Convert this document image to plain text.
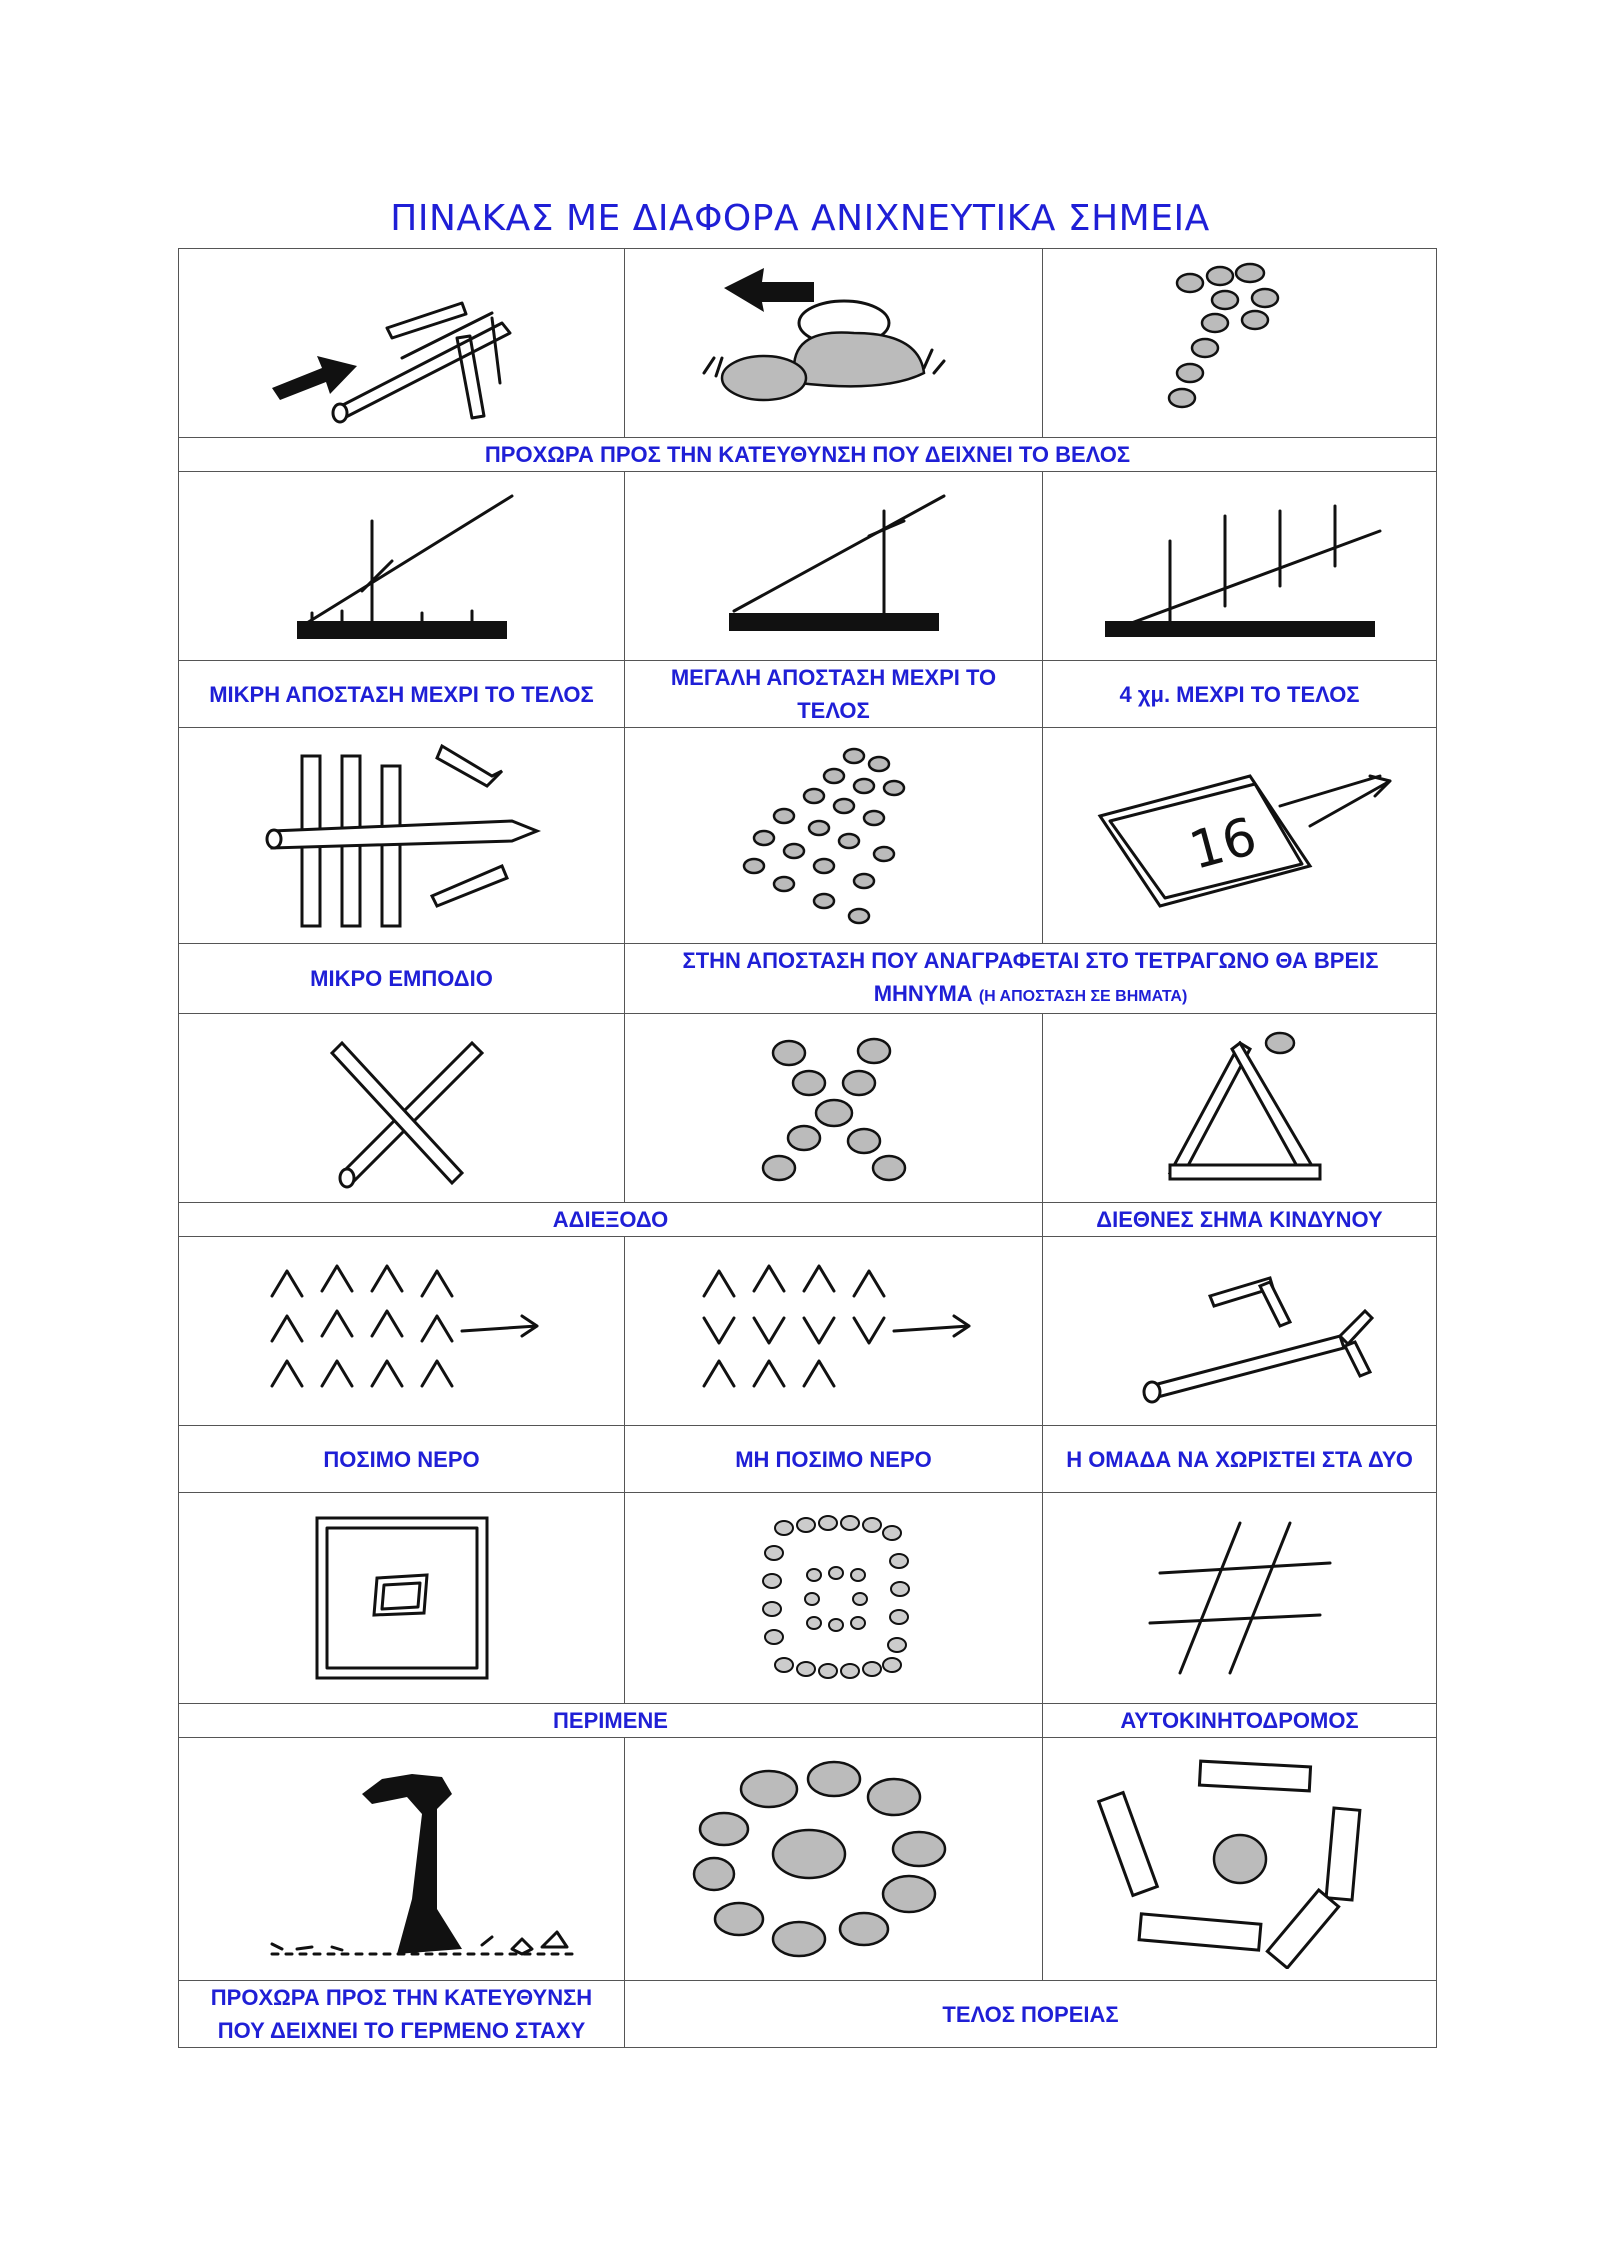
ΠΙΝΑΚΑΣ ΜΕ ΔΙΑΦΟΡΑ ΑΝΙΧΝΕΥΤΙΚΑ ΣΗΜΕΙΑ

ΠΡΟΧΩΡΑ ΠΡΟΣ ΤΗΝ ΚΑΤΕΥΘΥΝΣΗ ΠΟΥ ΔΕΙΧΝΕΙ ΤΟ ΒΕΛΟΣ		

ΜΙΚΡΗ ΑΠΟΣΤΑΣΗ ΜΕΧΡΙ ΤΟ ΤΕΛΟΣ	ΜΕΓΑΛΗ ΑΠΟΣΤΑΣΗ ΜΕΧΡΙ ΤΟ ΤΕΛΟΣ	4 χμ. ΜΕΧΡΙ ΤΟ ΤΕΛΟΣ

16

ΜΙΚΡΟ ΕΜΠΟΔΙΟ	ΣΤΗΝ ΑΠΟΣΤΑΣΗ ΠΟΥ ΑΝΑΓΡΑΦΕΤΑΙ ΣΤΟ ΤΕΤΡΑΓΩΝΟ ΘΑ ΒΡΕΙΣ ΜΗΝΥΜΑ (Η ΑΠΟΣΤΑΣΗ ΣΕ ΒΗΜΑΤΑ)	

ΑΔΙΕΞΟΔΟ		ΔΙΕΘΝΕΣ ΣΗΜΑ ΚΙΝΔΥΝΟΥ

ΠΟΣΙΜΟ ΝΕΡΟ	ΜΗ ΠΟΣΙΜΟ ΝΕΡΟ	Η ΟΜΑΔΑ ΝΑ ΧΩΡΙΣΤΕΙ ΣΤΑ ΔΥΟ

ΠΕΡΙΜΕΝΕ		ΑΥΤΟΚΙΝΗΤΟΔΡΟΜΟΣ

ΠΡΟΧΩΡΑ ΠΡΟΣ ΤΗΝ ΚΑΤΕΥΘΥΝΣΗ ΠΟΥ ΔΕΙΧΝΕΙ ΤΟ ΓΕΡΜΕΝΟ ΣΤΑΧΥ	ΤΕΛΟΣ ΠΟΡΕΙΑΣ	
